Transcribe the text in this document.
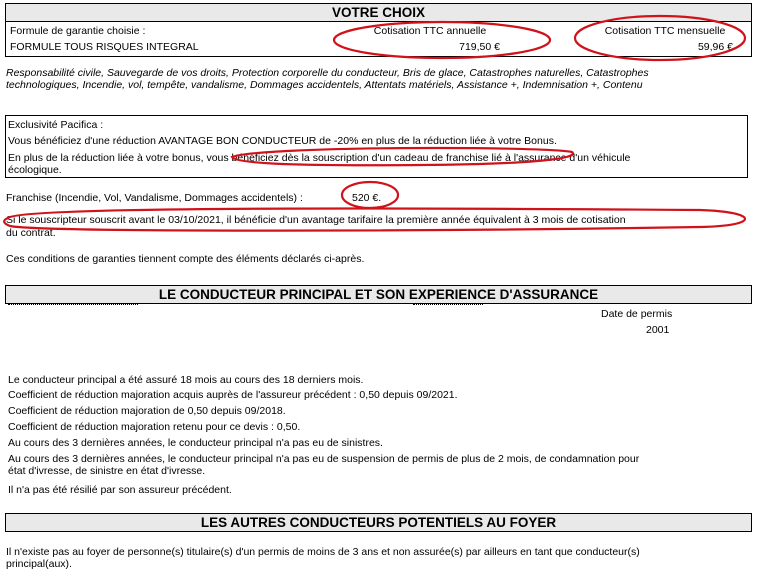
VOTRE CHOIX
Formule de garantie choisie :
FORMULE TOUS RISQUES INTEGRAL
Cotisation TTC annuelle
719,50 €
Cotisation TTC mensuelle
59,96 €
Responsabilité civile, Sauvegarde de vos droits, Protection corporelle du conducteur, Bris de glace, Catastrophes naturelles, Catastrophes
technologiques, Incendie, vol, tempête, vandalisme, Dommages accidentels, Attentats matériels, Assistance +, Indemnisation +, Contenu
Exclusivité Pacifica :
Vous bénéficiez d'une réduction AVANTAGE BON CONDUCTEUR de -20% en plus de la réduction liée à votre Bonus.
En plus de la réduction liée à votre bonus, vous bénéficiez dès la souscription d'un cadeau de franchise lié à l'assurance d'un véhicule
écologique.
Franchise (Incendie, Vol, Vandalisme, Dommages accidentels) :	520 €.
Si le souscripteur souscrit avant le 03/10/2021, il bénéficie d'un avantage tarifaire la première année équivalent à 3 mois de cotisation
du contrat.
Ces conditions de garanties tiennent compte des éléments déclarés ci-après.
LE CONDUCTEUR PRINCIPAL ET SON EXPERIENCE D'ASSURANCE
Date de permis
2001
Le conducteur principal a été assuré 18 mois au cours des 18 derniers mois.
Coefficient de réduction majoration acquis auprès de l'assureur précédent : 0,50 depuis 09/2021.
Coefficient de réduction majoration de 0,50 depuis 09/2018.
Coefficient de réduction majoration retenu pour ce devis : 0,50.
Au cours des 3 dernières années, le conducteur principal n'a pas eu de sinistres.
Au cours des 3 dernières années, le conducteur principal n'a pas eu de suspension de permis de plus de 2 mois, de condamnation pour
état d'ivresse, de sinistre en état d'ivresse.
Il n'a pas été résilié par son assureur précédent.
LES AUTRES CONDUCTEURS POTENTIELS AU FOYER
Il n'existe pas au foyer de personne(s) titulaire(s) d'un permis de moins de 3 ans et non assurée(s) par ailleurs en tant que conducteur(s)
principal(aux).
